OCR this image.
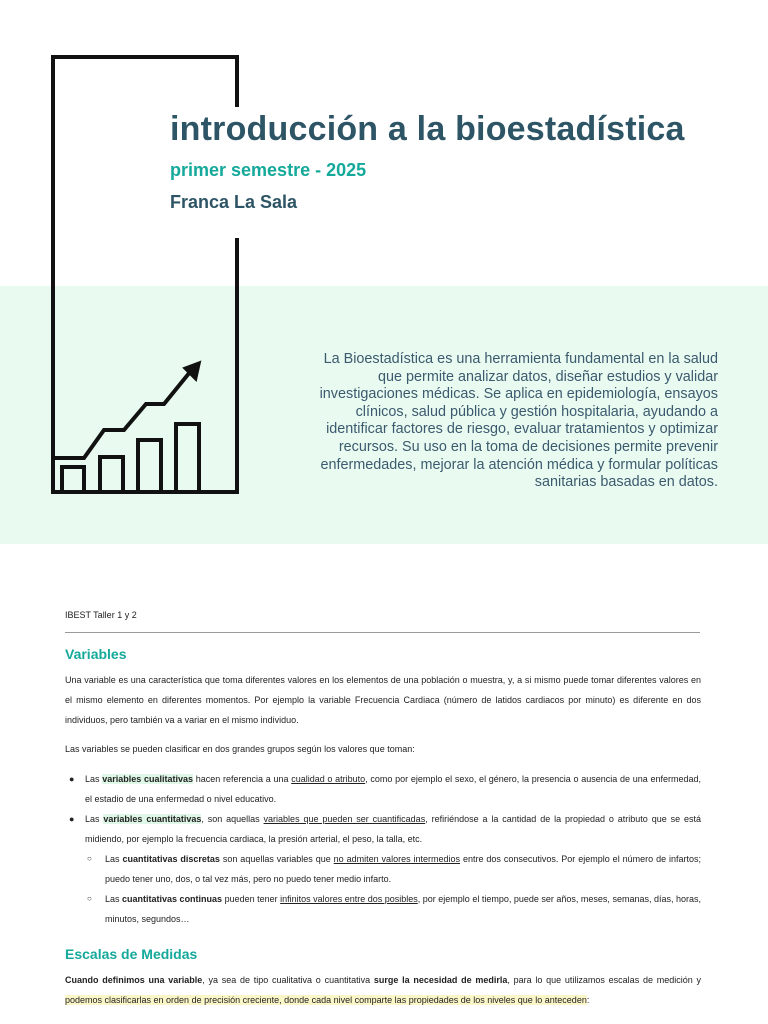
introducción a la bioestadística
primer semestre - 2025
Franca La Sala
La Bioestadística es una herramienta fundamental en la salud que permite analizar datos, diseñar estudios y validar investigaciones médicas. Se aplica en epidemiología, ensayos clínicos, salud pública y gestión hospitalaria, ayudando a identificar factores de riesgo, evaluar tratamientos y optimizar recursos. Su uso en la toma de decisiones permite prevenir enfermedades, mejorar la atención médica y formular políticas sanitarias basadas en datos.
IBEST Taller 1 y 2
Variables
Una variable es una característica que toma diferentes valores en los elementos de una población o muestra, y, a si mismo puede tomar diferentes valores en el mismo elemento en diferentes momentos. Por ejemplo la variable Frecuencia Cardiaca (número de latidos cardiacos por minuto) es diferente en dos individuos, pero también va a variar en el mismo individuo.
Las variables se pueden clasificar en dos grandes grupos según los valores que toman:
● Las variables cualitativas hacen referencia a una cualidad o atributo, como por ejemplo el sexo, el género, la presencia o ausencia de una enfermedad, el estadio de una enfermedad o nivel educativo.
● Las variables cuantitativas, son aquellas variables que pueden ser cuantificadas, refiriéndose a la cantidad de la propiedad o atributo que se está midiendo, por ejemplo la frecuencia cardiaca, la presión arterial, el peso, la talla, etc.
○ Las cuantitativas discretas son aquellas variables que no admiten valores intermedios entre dos consecutivos. Por ejemplo el número de infartos; puedo tener uno, dos, o tal vez más, pero no puedo tener medio infarto.
○ Las cuantitativas continuas pueden tener infinitos valores entre dos posibles, por ejemplo el tiempo, puede ser años, meses, semanas, días, horas, minutos, segundos…
Escalas de Medidas
Cuando definimos una variable, ya sea de tipo cualitativa o cuantitativa surge la necesidad de medirla, para lo que utilizamos escalas de medición y podemos clasificarlas en orden de precisión creciente, donde cada nivel comparte las propiedades de los niveles que lo anteceden:
